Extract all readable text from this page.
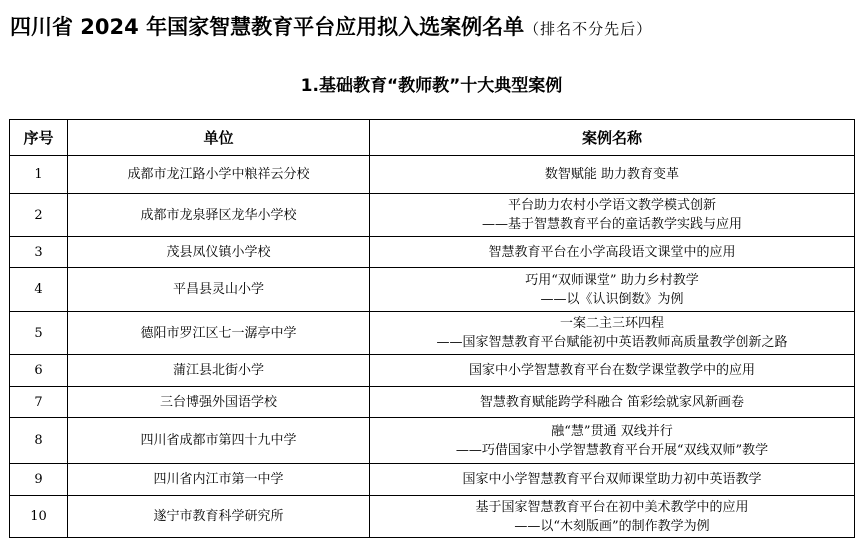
四川省 2024 年国家智慧教育平台应用拟入选案例名单（排名不分先后）
1.基础教育“教师教”十大典型案例
序号	单位	案例名称
1	成都市龙江路小学中粮祥云分校	数智赋能 助力教育变革

2	成都市龙泉驿区龙华小学校	平台助力农村小学语文教学模式创新
——基于智慧教育平台的童话教学实践与应用

3	茂县凤仪镇小学校	智慧教育平台在小学高段语文课堂中的应用

4	平昌县灵山小学	巧用“双师课堂” 助力乡村教学
——以《认识倒数》为例

5	德阳市罗江区七一潺亭中学	一案二主三环四程
——国家智慧教育平台赋能初中英语教师高质量教学创新之路

6	蒲江县北街小学	国家中小学智慧教育平台在数学课堂教学中的应用

7	三台博强外国语学校	智慧教育赋能跨学科融合 笛彩绘就家风新画卷

8	四川省成都市第四十九中学	融“慧”贯通 双线并行
——巧借国家中小学智慧教育平台开展“双线双师”教学

9	四川省内江市第一中学	国家中小学智慧教育平台双师课堂助力初中英语教学

10	遂宁市教育科学研究所	基于国家智慧教育平台在初中美术教学中的应用
——以“木刻版画”的制作教学为例
